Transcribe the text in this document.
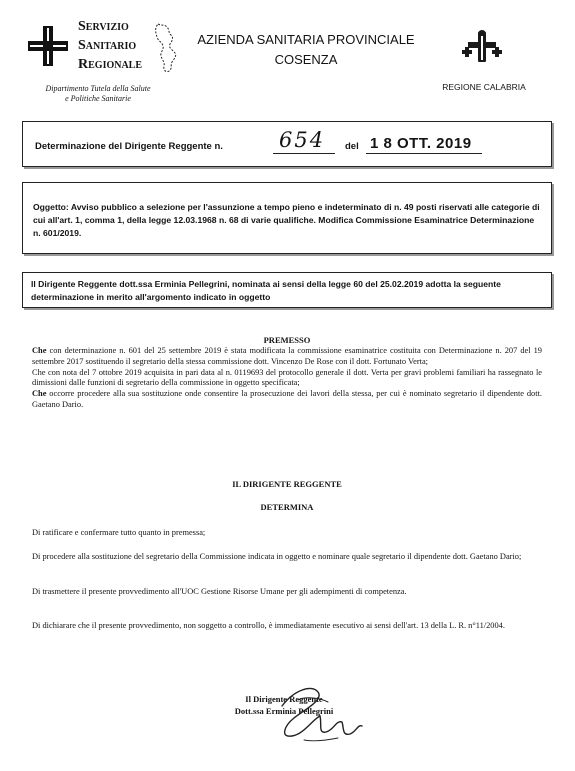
SERVIZIO
SANITARIO
REGIONALE
Dipartimento Tutela della Salute
e Politiche Sanitarie
AZIENDA SANITARIA PROVINCIALE
COSENZA
REGIONE CALABRIA
Determinazione del Dirigente Reggente n.	654 del 1 8 OTT. 2019

Oggetto: Avviso pubblico a selezione per l'assunzione a tempo pieno e indeterminato di n. 49 posti riservati alle categorie di cui all'art. 1, comma 1, della legge 12.03.1968 n. 68 di varie qualifiche. Modifica Commissione Esaminatrice Determinazione n. 601/2019.

Il Dirigente Reggente dott.ssa Erminia Pellegrini, nominata ai sensi della legge 60 del 25.02.2019 adotta la seguente determinazione in merito all'argomento indicato in oggetto

PREMESSO

Che con determinazione n. 601 del 25 settembre 2019 è stata modificata la commissione esaminatrice costituita con Determinazione n. 207 del 19 settembre 2017 sostituendo il segretario della stessa commissione dott. Vincenzo De Rose con il dott. Fortunato Verta;

Che con nota del 7 ottobre 2019 acquisita in pari data al n. 0119693 del protocollo generale il dott. Verta per gravi problemi familiari ha rassegnato le dimissioni dalle funzioni di segretario della commissione in oggetto specificata;

Che occorre procedere alla sua sostituzione onde consentire la prosecuzione dei lavori della stessa, per cui è nominato segretario il dipendente dott. Gaetano Dario.

IL DIRIGENTE REGGENTE
DETERMINA
Di ratificare e confermare tutto quanto in premessa;
Di procedere alla sostituzione del segretario della Commissione indicata in oggetto e nominare quale segretario il dipendente dott. Gaetano Dario;
Di trasmettere il presente provvedimento all'UOC Gestione Risorse Umane per gli adempimenti di competenza.
Di dichiarare che il presente provvedimento, non soggetto a controllo, è immediatamente esecutivo ai sensi dell'art. 13 della L. R. n°11/2004.
Il Dirigente Reggente
Dott.ssa Erminia Pellegrini
